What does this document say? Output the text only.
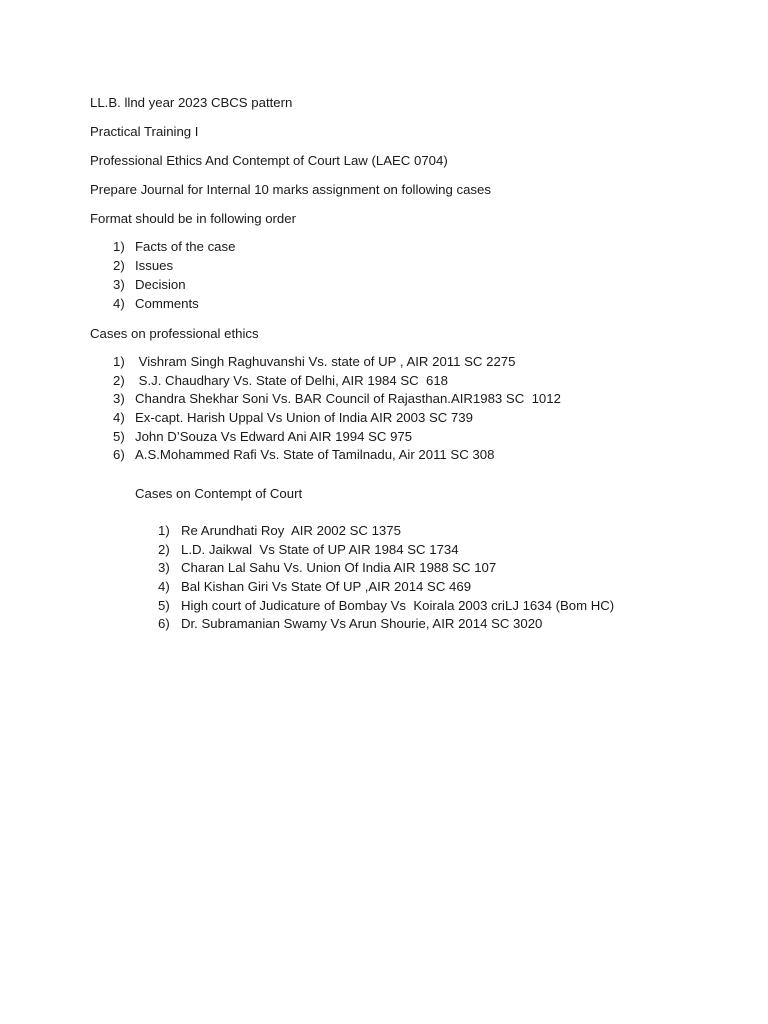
LL.B. llnd year 2023 CBCS pattern
Practical Training I
Professional Ethics And Contempt of Court Law (LAEC 0704)
Prepare Journal for Internal 10 marks assignment on following cases
Format should be in following order
1) Facts of the case
2) Issues
3) Decision
4) Comments
Cases on professional ethics
1) Vishram Singh Raghuvanshi Vs. state of UP , AIR 2011 SC 2275
2) S.J. Chaudhary Vs. State of Delhi, AIR 1984 SC  618
3) Chandra Shekhar Soni Vs. BAR Council of Rajasthan.AIR1983 SC  1012
4) Ex-capt. Harish Uppal Vs Union of India AIR 2003 SC 739
5) John D’Souza Vs Edward Ani AIR 1994 SC 975
6) A.S.Mohammed Rafi Vs. State of Tamilnadu, Air 2011 SC 308
Cases on Contempt of Court
1) Re Arundhati Roy  AIR 2002 SC 1375
2) L.D. Jaikwal  Vs State of UP AIR 1984 SC 1734
3) Charan Lal Sahu Vs. Union Of India AIR 1988 SC 107
4) Bal Kishan Giri Vs State Of UP ,AIR 2014 SC 469
5) High court of Judicature of Bombay Vs  Koirala 2003 criLJ 1634 (Bom HC)
6) Dr. Subramanian Swamy Vs Arun Shourie, AIR 2014 SC 3020
